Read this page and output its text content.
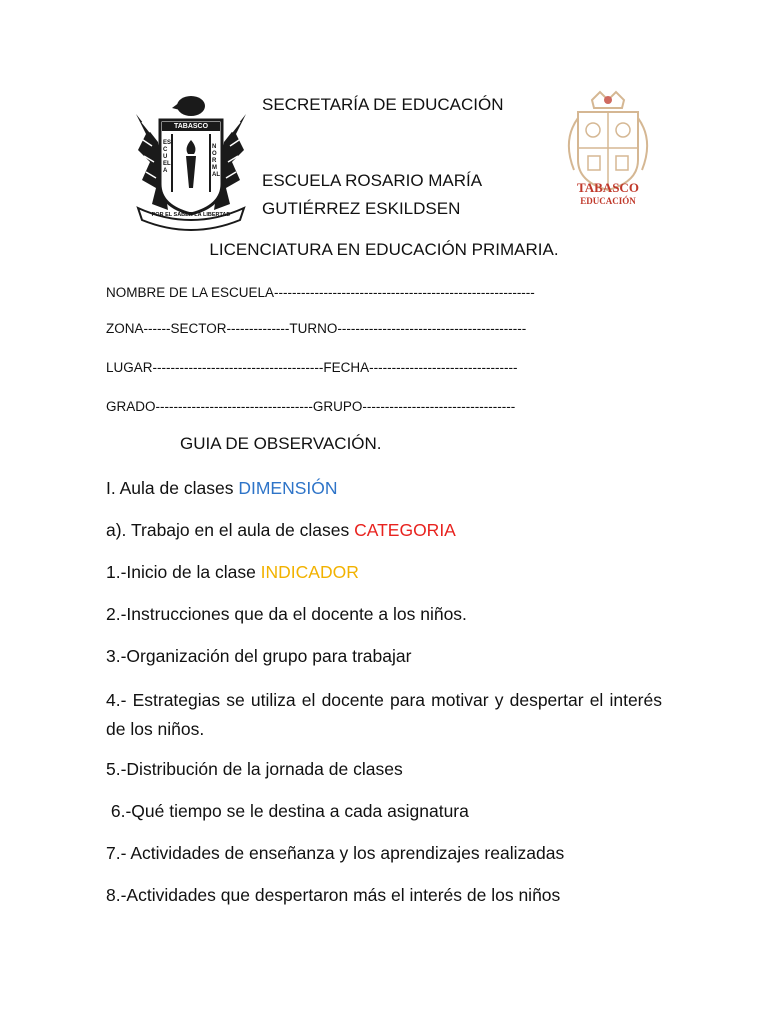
TABASCO
ESCUELA
NORMAL
POR EL SABER LA LIBERTAD
SECRETARÍA DE EDUCACIÓN
ESCUELA ROSARIO MARÍA
GUTIÉRREZ ESKILDSEN
TABASCO
EDUCACIÓN
LICENCIATURA EN EDUCACIÓN PRIMARIA.
NOMBRE DE LA ESCUELA----------------------------------------------------------
ZONA------SECTOR--------------TURNO------------------------------------------
LUGAR--------------------------------------FECHA---------------------------------
GRADO-----------------------------------GRUPO----------------------------------
GUIA DE OBSERVACIÓN.
I. Aula de clases DIMENSIÓN
a). Trabajo en el aula de clases CATEGORIA
1.-Inicio de la clase INDICADOR
2.-Instrucciones que da el docente a los niños.
3.-Organización del grupo para trabajar
4.- Estrategias se utiliza el docente para motivar y despertar el interés de los niños.
5.-Distribución de la jornada de clases
6.-Qué tiempo se le destina a cada asignatura
7.- Actividades de enseñanza y los aprendizajes realizadas
8.-Actividades que despertaron más el interés de los niños
